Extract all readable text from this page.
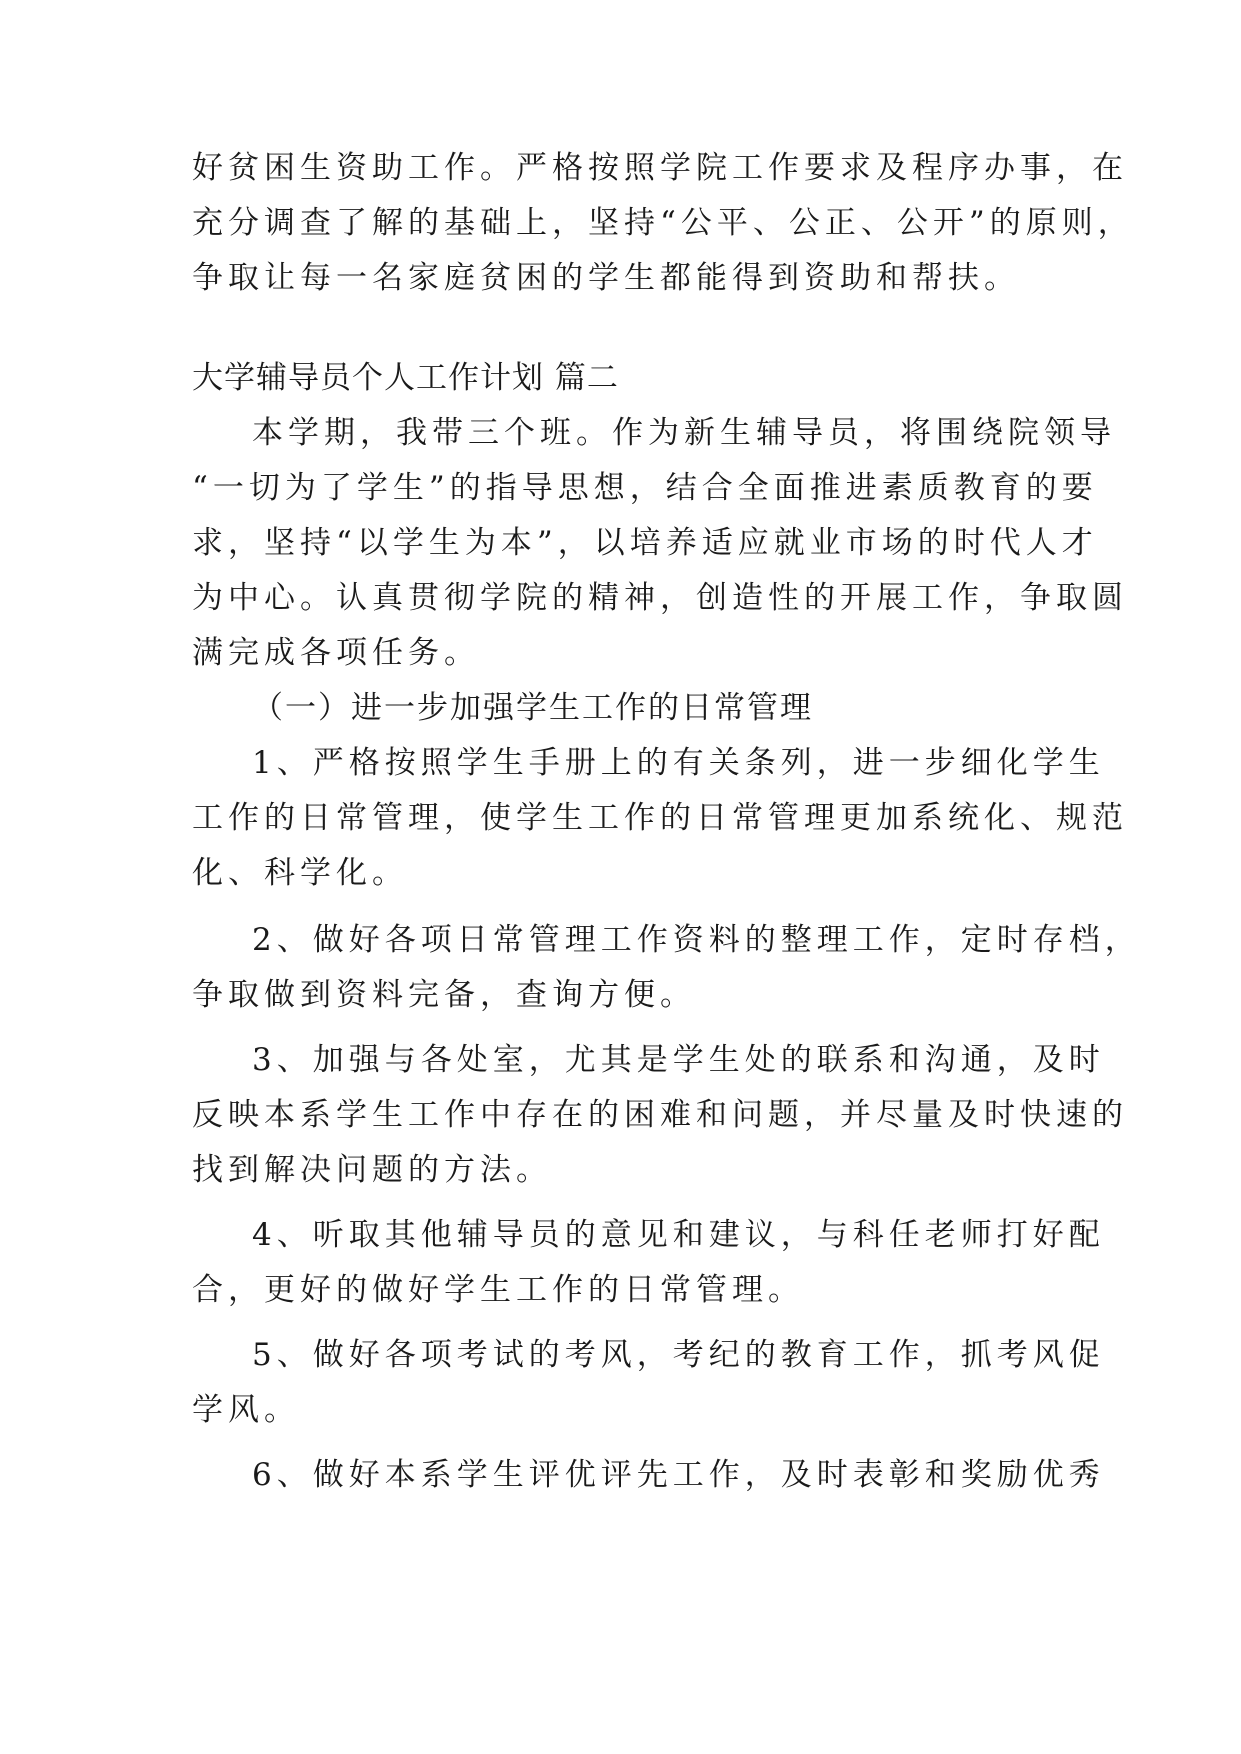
好贫困生资助工作。严格按照学院工作要求及程序办事，在
充分调查了解的基础上，坚持“公平、公正、公开”的原则，
争取让每一名家庭贫困的学生都能得到资助和帮扶。
大学辅导员个人工作计划 篇二
本学期，我带三个班。作为新生辅导员，将围绕院领导
“一切为了学生”的指导思想，结合全面推进素质教育的要
求，坚持“以学生为本”，以培养适应就业市场的时代人才
为中心。认真贯彻学院的精神，创造性的开展工作，争取圆
满完成各项任务。
（一）进一步加强学生工作的日常管理
1、严格按照学生手册上的有关条列，进一步细化学生
工作的日常管理，使学生工作的日常管理更加系统化、规范
化、科学化。
2、做好各项日常管理工作资料的整理工作，定时存档，
争取做到资料完备，查询方便。
3、加强与各处室，尤其是学生处的联系和沟通，及时
反映本系学生工作中存在的困难和问题，并尽量及时快速的
找到解决问题的方法。
4、听取其他辅导员的意见和建议，与科任老师打好配
合，更好的做好学生工作的日常管理。
5、做好各项考试的考风，考纪的教育工作，抓考风促
学风。
6、做好本系学生评优评先工作，及时表彰和奖励优秀
